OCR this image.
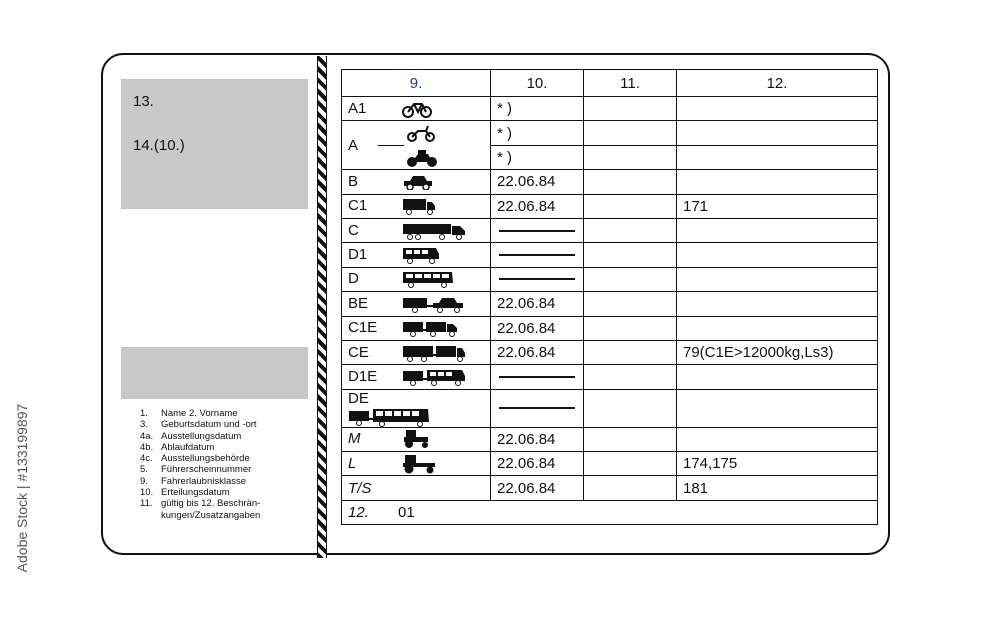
13.
14.(10.)
1.	Name 2. Vorname
3.	Geburtsdatum und -ort
4a. Ausstellungsdatum
4b. Ablaufdatum
4c. Ausstellungsbehörde
5.	Führerscheinnummer
9.	Fahrerlaubnisklasse
10. Erteilungsdatum
11. gültig bis 12. Beschrän-
kungen/Zusatzangaben
Adobe Stock | #133199897
9.	10.	11.	12.
A1	* )		
A	* )		
	* )		
B	22.06.84		
C1	22.06.84		171
C	

D1	

D	

BE	22.06.84		
C1E	22.06.84		
CE	22.06.84		79(C1E>12000kg,Ls3)
D1E	

DE	

M	22.06.84		
L	22.06.84		174,175
T/S	22.06.84		181
12. 01			
